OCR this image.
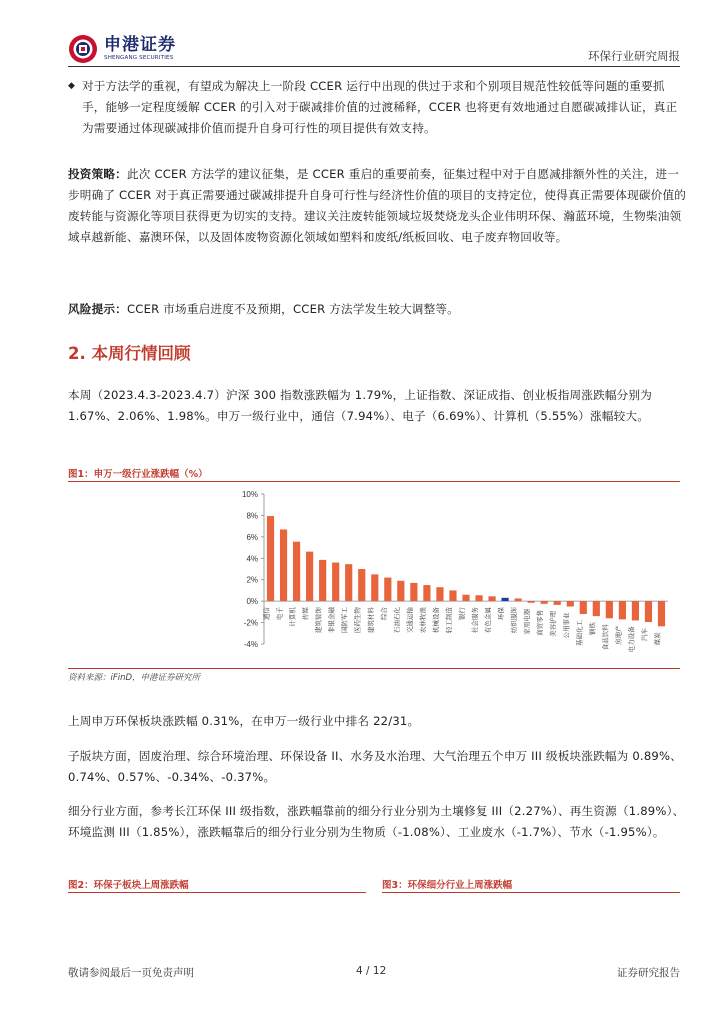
申港证券
SHENGANG SECURITIES	环保行业研究周报
◆ 对于方法学的重视，有望成为解决上一阶段 CCER 运行中出现的供过于求和个别项目规范性较低等问题的重要抓手，能够一定程度缓解 CCER 的引入对于碳减排价值的过渡稀释，CCER 也将更有效地通过自愿碳减排认证，真正为需要通过体现碳减排价值而提升自身可行性的项目提供有效支持。
投资策略：此次 CCER 方法学的建议征集，是 CCER 重启的重要前奏，征集过程中对于自愿减排额外性的关注，进一步明确了 CCER 对于真正需要通过碳减排提升自身可行性与经济性价值的项目的支持定位，使得真正需要体现碳价值的废转能与资源化等项目获得更为切实的支持。建议关注废转能领域垃圾焚烧龙头企业伟明环保、瀚蓝环境，生物柴油领域卓越新能、嘉澳环保，以及固体废物资源化领域如塑料和废纸/纸板回收、电子废弃物回收等。
风险提示：CCER 市场重启进度不及预期，CCER 方法学发生较大调整等。
2. 本周行情回顾
本周（2023.4.3-2023.4.7）沪深 300 指数涨跌幅为 1.79%，上证指数、深证成指、创业板指周涨跌幅分别为 1.67%、2.06%、1.98%。申万一级行业中，通信（7.94%）、电子（6.69%）、计算机（5.55%）涨幅较大。
图1：申万一级行业涨跌幅（%）
10%
8%
6%
4%
2%
0%
-2%
-4%
通信 电子 计算机 传媒 建筑装饰 非银金融 国防军工 医药生物 建筑材料 综合 石油石化 交通运输 农林牧渔 机械设备 轻工制造 银行 社会服务 有色金属 环保 纺织服饰 家用电器 商贸零售 美容护理 公用事业 基础化工 钢铁 食品饮料 房地产 电力设备 汽车 煤炭
资料来源：iFinD，申港证券研究所
上周申万环保板块涨跌幅 0.31%，在申万一级行业中排名 22/31。
子版块方面，固废治理、综合环境治理、环保设备 II、水务及水治理、大气治理五个申万 III 级板块涨跌幅为 0.89%、0.74%、0.57%、-0.34%、-0.37%。
细分行业方面，参考长江环保 III 级指数，涨跌幅靠前的细分行业分别为土壤修复 III（2.27%）、再生资源（1.89%）、环境监测 III（1.85%），涨跌幅靠后的细分行业分别为生物质（-1.08%）、工业废水（-1.7%）、节水（-1.95%）。
图2：环保子板块上周涨跌幅	图3：环保细分行业上周涨跌幅
敬请参阅最后一页免责声明	4 / 12	证券研究报告
